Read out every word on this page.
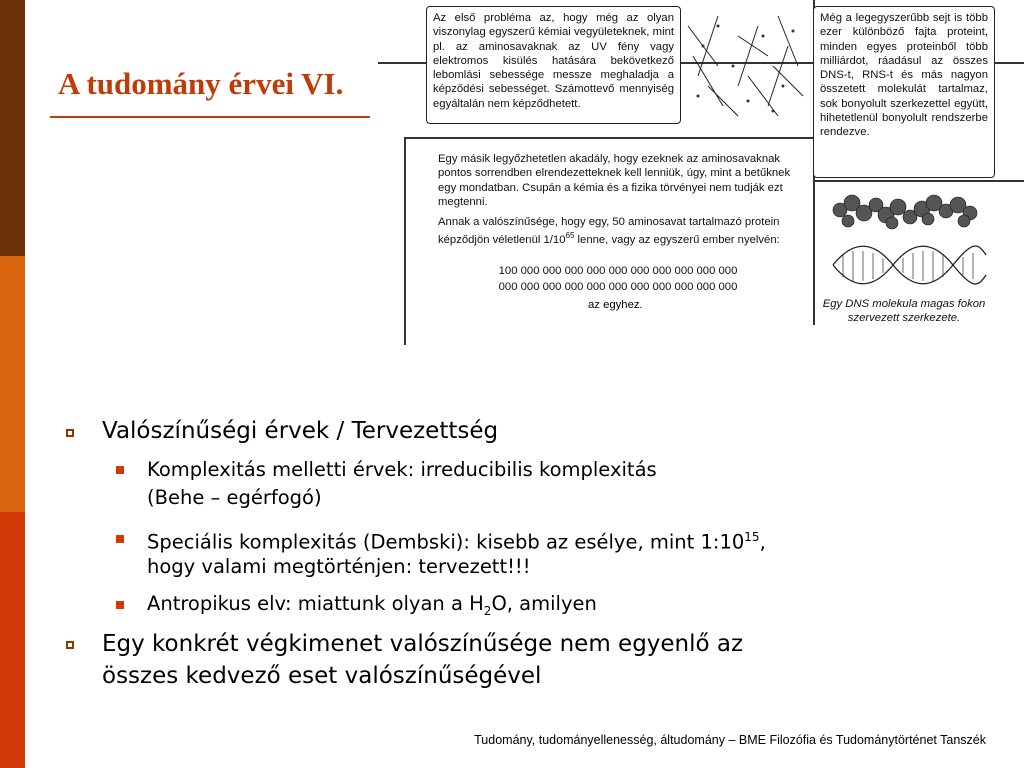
A tudomány érvei VI.

Az első probléma az, hogy még az olyan viszonylag egyszerű kémiai vegyületeknek, mint pl. az aminosavaknak az UV fény vagy elektromos kisülés hatására bekövetkező lebomlási sebessége messze meghaladja a képződési sebességet. Számottevő mennyiség egyáltalán nem képződhetett.

Még a legegyszerűbb sejt is több ezer különböző fajta proteint, minden egyes proteinből több milliárdot, ráadásul az összes DNS-t, RNS-t és más nagyon összetett molekulát tartalmaz, sok bonyolult szerkezettel együtt, hihetetlenül bonyolult rendszerbe rendezve.

Egy másik legyőzhetetlen akadály, hogy ezeknek az aminosavaknak pontos sorrendben elrendezetteknek kell lenniük, úgy, mint a betűknek egy mondatban. Csupán a kémia és a fizika törvényei nem tudják ezt megtenni.

Annak a valószínűsége, hogy egy, 50 aminosavat tartalmazó protein képződjön véletlenül $1/10^{65}$ lenne, vagy az egyszerű ember nyelvén:

100 000 000 000 000 000 000 000 000 000 000
000 000 000 000 000 000 000 000 000 000 000
az egyhez.	Egy DNS molekula magas fokon szervezett szerkezete.
Valószínűségi érvek / Tervezettség
Komplexitás melletti érvek: irreducibilis komplexitás
(Behe – egérfogó)
Speciális komplexitás (Dembski): kisebb az esélye, mint $1:10^{15}$,
hogy valami megtörténjen: tervezett!!!
Antropikus elv: miattunk olyan a $H_2O$, amilyen
Egy konkrét végkimenet valószínűsége nem egyenlő az
összes kedvező eset valószínűségével
Tudomány, tudományellenesség, áltudomány – BME Filozófia és Tudománytörténet Tanszék
